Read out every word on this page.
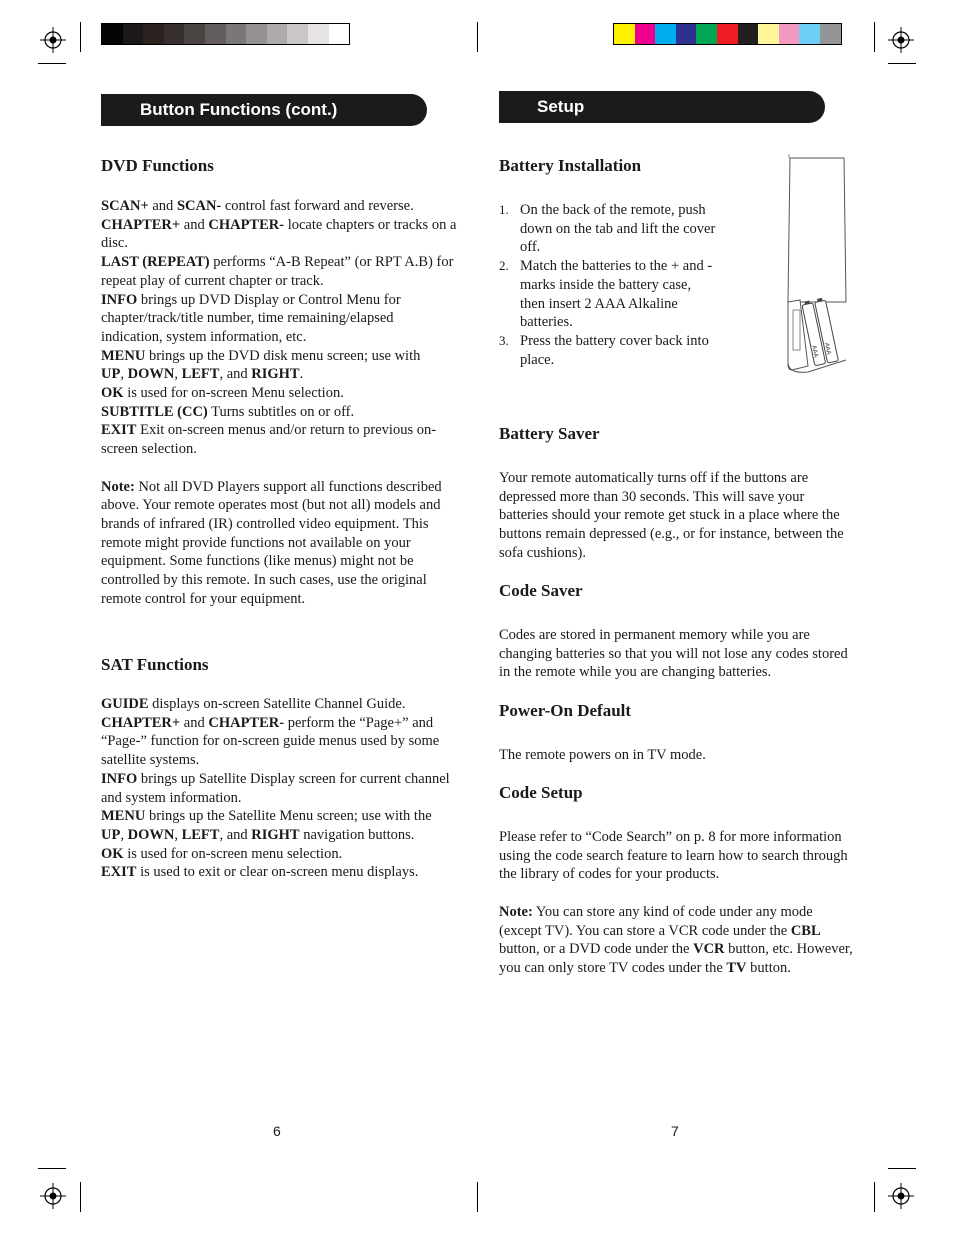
Button Functions (cont.)
DVD Functions

SCAN+ and SCAN- control fast forward and reverse.

CHAPTER+ and CHAPTER- locate chapters or tracks on a disc.

LAST (REPEAT) performs “A-B Repeat” (or RPT A.B) for repeat play of current chapter or track.

INFO brings up DVD Display or Control Menu for chapter/track/title number, time remaining/elapsed indication, system information, etc.

MENU brings up the DVD disk menu screen; use with
UP, DOWN, LEFT, and RIGHT.

OK is used for on-screen Menu selection.

SUBTITLE (CC) Turns subtitles on or off.

EXIT Exit on-screen menus and/or return to previous on-screen selection.

Note: Not all DVD Players support all functions described above. Your remote operates most (but not all) models and brands of infrared (IR) controlled video equipment. This remote might provide functions not available on your equipment. Some functions (like menus) might not be controlled by this remote. In such cases, use the original remote control for your equipment.

SAT Functions

GUIDE displays on-screen Satellite Channel Guide.

CHAPTER+ and CHAPTER- perform the “Page+” and “Page-” function for on-screen guide menus used by some satellite systems.

INFO brings up Satellite Display screen for current channel and system information.

MENU brings up the Satellite Menu screen; use with the
UP, DOWN, LEFT, and RIGHT navigation buttons.

OK is used for on-screen menu selection.

EXIT is used to exit or clear on-screen menu displays.

6
Setup
Battery Installation
1. On the back of the remote, push down on the tab and lift the cover off.
2. Match the batteries to the + and - marks inside the battery case, then insert 2 AAA Alkaline batteries.
3. Press the battery cover back into place.
AAA AAA
Battery Saver

Your remote automatically turns off if the buttons are depressed more than 30 seconds. This will save your batteries should your remote get stuck in a place where the buttons remain depressed (e.g., or for instance, between the sofa cushions).

Code Saver

Codes are stored in permanent memory while you are changing batteries so that you will not lose any codes stored in the remote while you are changing batteries.

Power-On Default

The remote powers on in TV mode.

Code Setup

Please refer to “Code Search” on p. 8 for more information using the code search feature to learn how to search through the library of codes for your products.

Note: You can store any kind of code under any mode (except TV). You can store a VCR code under the CBL button, or a DVD code under the VCR button, etc. However, you can only store TV codes under the TV button.

7
